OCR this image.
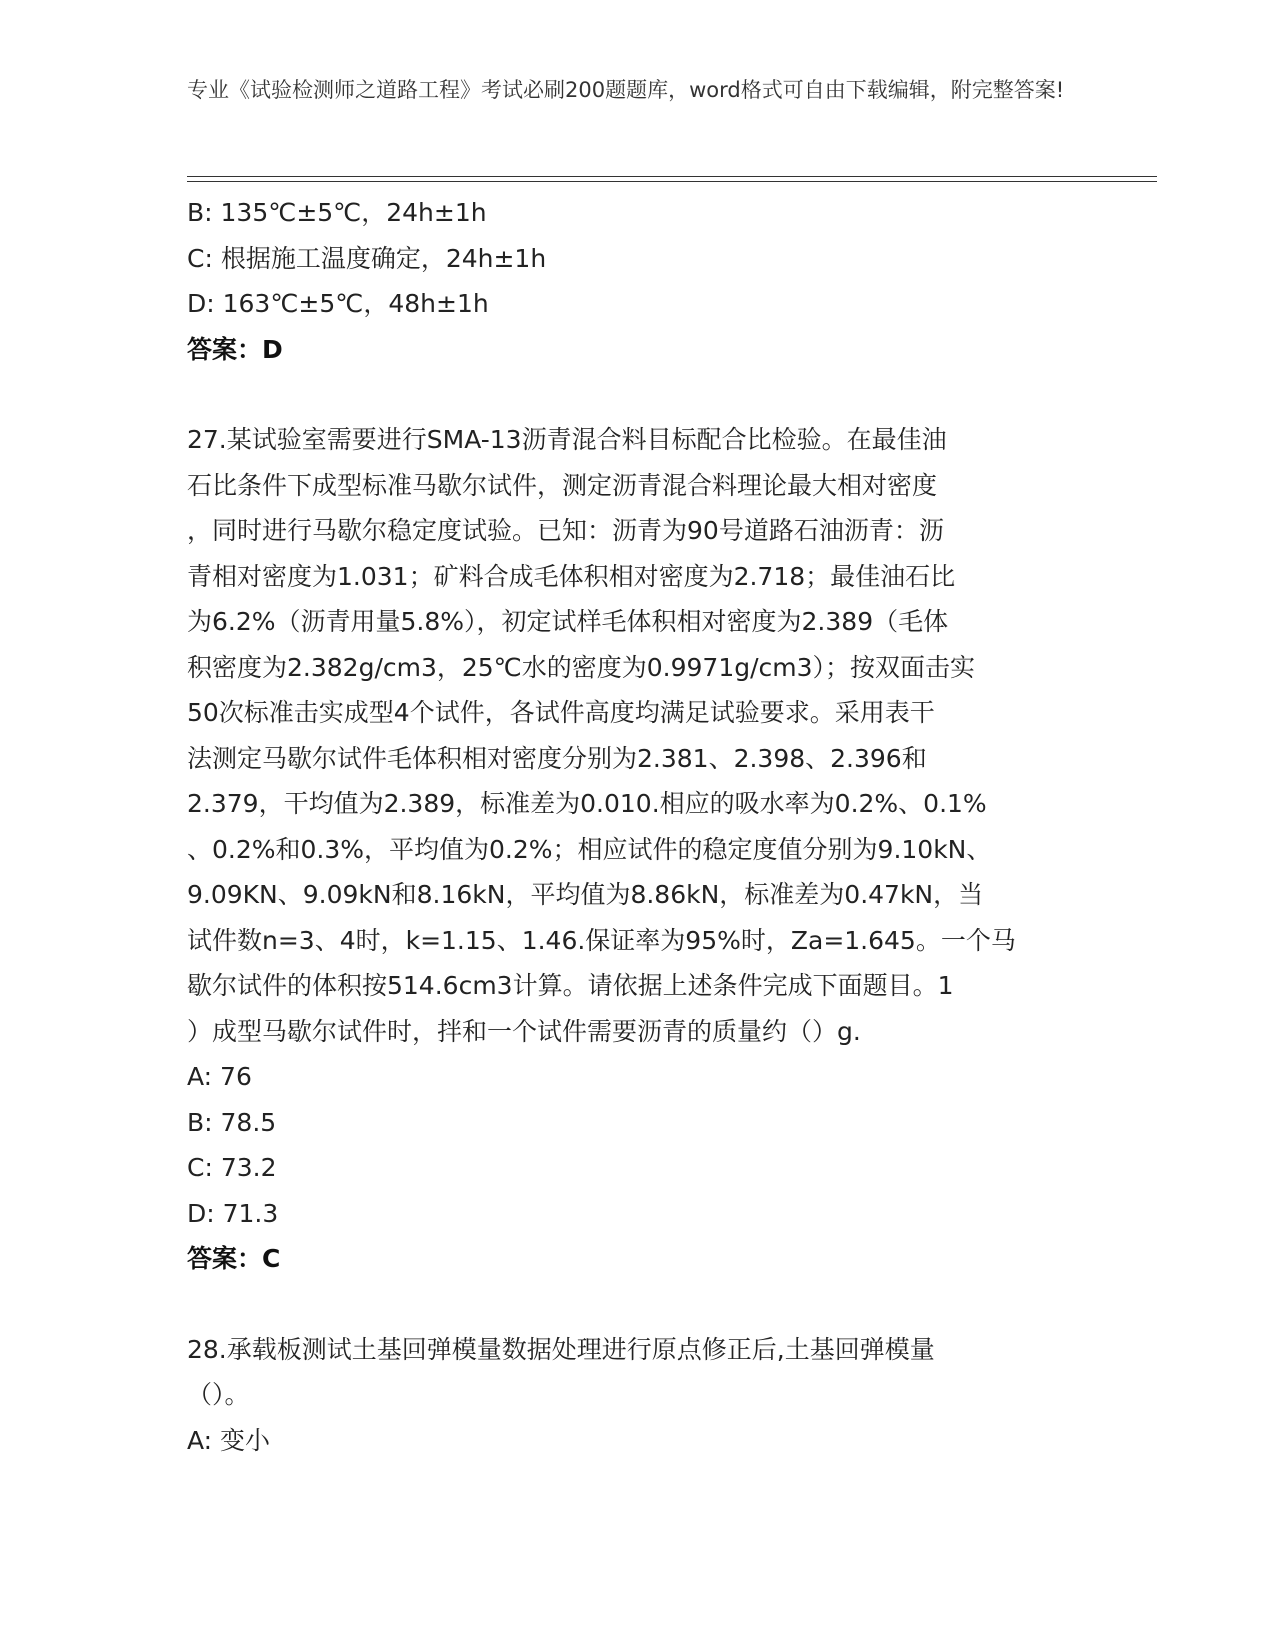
专业《试验检测师之道路工程》考试必刷200题题库，word格式可自由下载编辑，附完整答案!
B: 135℃±5℃，24h±1h
C: 根据施工温度确定，24h±1h
D: 163℃±5℃，48h±1h
答案：D
27.某试验室需要进行SMA-13沥青混合料目标配合比检验。在最佳油
石比条件下成型标准马歇尔试件，测定沥青混合料理论最大相对密度
，同时进行马歇尔稳定度试验。已知：沥青为90号道路石油沥青：沥
青相对密度为1.031；矿料合成毛体积相对密度为2.718；最佳油石比
为6.2%（沥青用量5.8%），初定试样毛体积相对密度为2.389（毛体
积密度为2.382g/cm3，25℃水的密度为0.9971g/cm3）；按双面击实
50次标准击实成型4个试件，各试件高度均满足试验要求。采用表干
法测定马歇尔试件毛体积相对密度分别为2.381、2.398、2.396和
2.379，干均值为2.389，标准差为0.010.相应的吸水率为0.2%、0.1%
、0.2%和0.3%，平均值为0.2%；相应试件的稳定度值分别为9.10kN、
9.09KN、9.09kN和8.16kN，平均值为8.86kN，标准差为0.47kN，当
试件数n=3、4时，k=1.15、1.46.保证率为95%时，Za=1.645。一个马
歇尔试件的体积按514.6cm3计算。请依据上述条件完成下面题目。1
）成型马歇尔试件时，拌和一个试件需要沥青的质量约（）g.
A: 76
B: 78.5
C: 73.2
D: 71.3
答案：C
28.承载板测试土基回弹模量数据处理进行原点修正后,土基回弹模量
（）。
A: 变小
